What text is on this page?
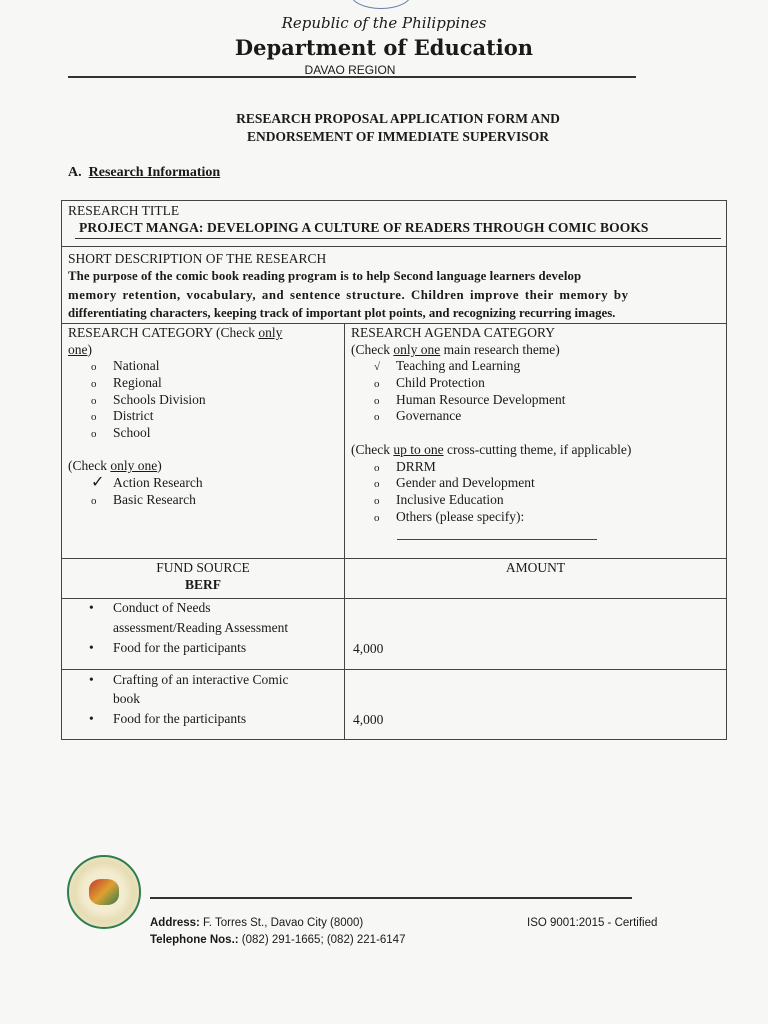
Republic of the Philippines
Department of Education
DAVAO REGION
RESEARCH PROPOSAL APPLICATION FORM AND
ENDORSEMENT OF IMMEDIATE SUPERVISOR
A. Research Information
RESEARCH TITLE
PROJECT MANGA: DEVELOPING A CULTURE OF READERS THROUGH COMIC BOOKS
SHORT DESCRIPTION OF THE RESEARCH
The purpose of the comic book reading program is to help Second language learners develop
memory retention, vocabulary, and sentence structure. Children improve their memory by
differentiating characters, keeping track of important plot points, and recognizing recurring images.
RESEARCH CATEGORY (Check only
one)
o National
o Regional
o Schools Division
o District
o School
(Check only one)
✓ Action Research
o Basic Research
RESEARCH AGENDA CATEGORY
(Check only one main research theme)
√ Teaching and Learning
o Child Protection
o Human Resource Development
o Governance
(Check up to one cross-cutting theme, if applicable)
o DRRM
o Gender and Development
o Inclusive Education
o Others (please specify):
FUND SOURCE
BERF
AMOUNT
• Conduct of Needs
assessment/Reading Assessment
• Food for the participants	4,000
• Crafting of an interactive Comic
book
• Food for the participants	4,000
Address: F. Torres St., Davao City (8000)
Telephone Nos.: (082) 291-1665; (082) 221-6147
ISO 9001:2015 - Certified
